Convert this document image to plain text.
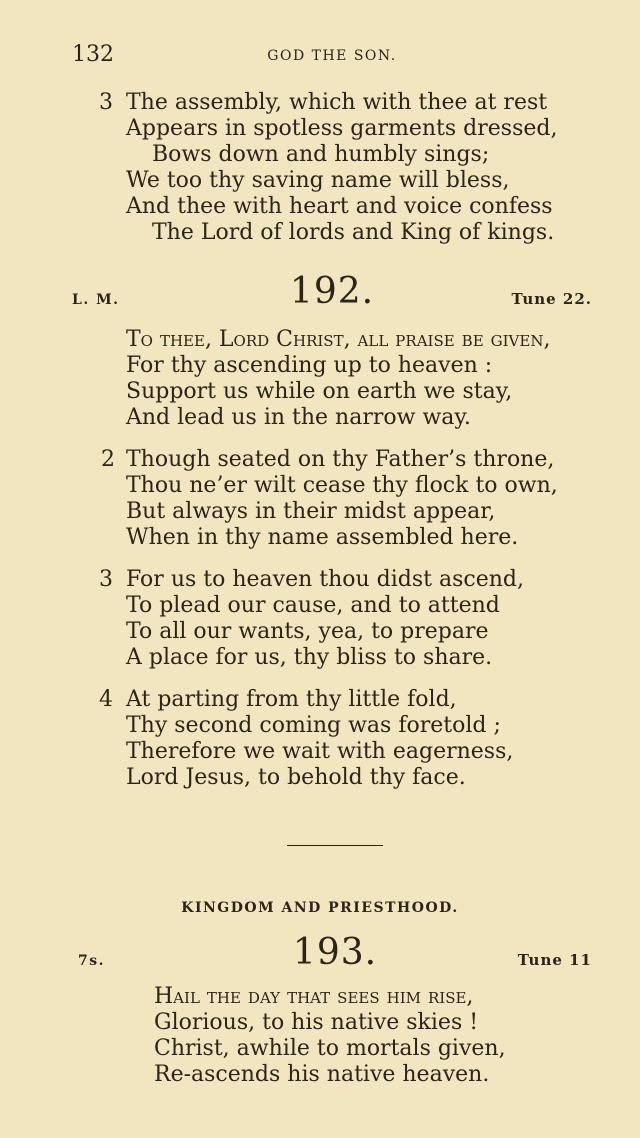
132	GOD THE SON.
3 The assembly, which with thee at rest
Appears in spotless garments dressed,
Bows down and humbly sings;
We too thy saving name will bless,
And thee with heart and voice confess
The Lord of lords and King of kings.
L. M.	192.	Tune 22.
To thee, Lord Christ, all praise be given,
For thy ascending up to heaven :
Support us while on earth we stay,
And lead us in the narrow way.
2 Though seated on thy Father’s throne,
Thou ne’er wilt cease thy flock to own,
But always in their midst appear,
When in thy name assembled here.
3 For us to heaven thou didst ascend,
To plead our cause, and to attend
To all our wants, yea, to prepare
A place for us, thy bliss to share.
4 At parting from thy little fold,
Thy second coming was foretold ;
Therefore we wait with eagerness,
Lord Jesus, to behold thy face.
KINGDOM AND PRIESTHOOD.
7s.	193.	Tune 11
Hail the day that sees him rise,
Glorious, to his native skies !
Christ, awhile to mortals given,
Re-ascends his native heaven.
